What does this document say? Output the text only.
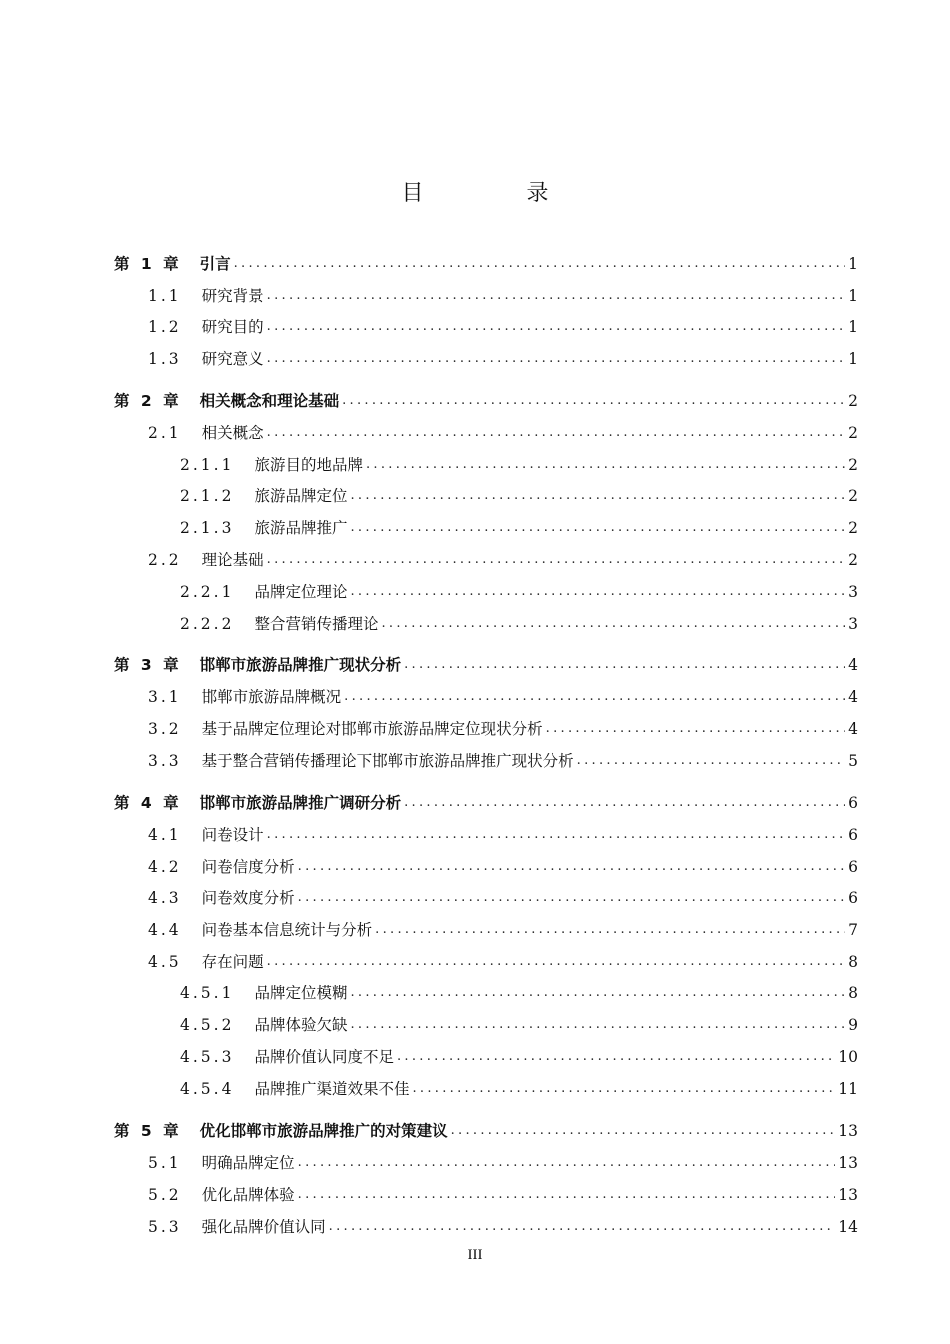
目 录
第 1 章 引言 .....	1
1.1 研究背景 .....	1
1.2 研究目的 .....	1
1.3 研究意义 .....	1
第 2 章 相关概念和理论基础 .....	2
2.1 相关概念 .....	2
2.1.1 旅游目的地品牌 .....	2
2.1.2 旅游品牌定位 .....	2
2.1.3 旅游品牌推广 .....	2
2.2 理论基础 .....	2
2.2.1 品牌定位理论 .....	3
2.2.2 整合营销传播理论 .....	3
第 3 章 邯郸市旅游品牌推广现状分析 .....	4
3.1 邯郸市旅游品牌概况 .....	4
3.2 基于品牌定位理论对邯郸市旅游品牌定位现状分析 .....	4
3.3 基于整合营销传播理论下邯郸市旅游品牌推广现状分析 .....	5
第 4 章 邯郸市旅游品牌推广调研分析 .....	6
4.1 问卷设计 .....	6
4.2 问卷信度分析 .....	6
4.3 问卷效度分析 .....	6
4.4 问卷基本信息统计与分析 .....	7
4.5 存在问题 .....	8
4.5.1 品牌定位模糊 .....	8
4.5.2 品牌体验欠缺 .....	9
4.5.3 品牌价值认同度不足 .....	10
4.5.4 品牌推广渠道效果不佳 .....	11
第 5 章 优化邯郸市旅游品牌推广的对策建议 .....	13
5.1 明确品牌定位 .....	13
5.2 优化品牌体验 .....	13
5.3 强化品牌价值认同 .....	14
III
